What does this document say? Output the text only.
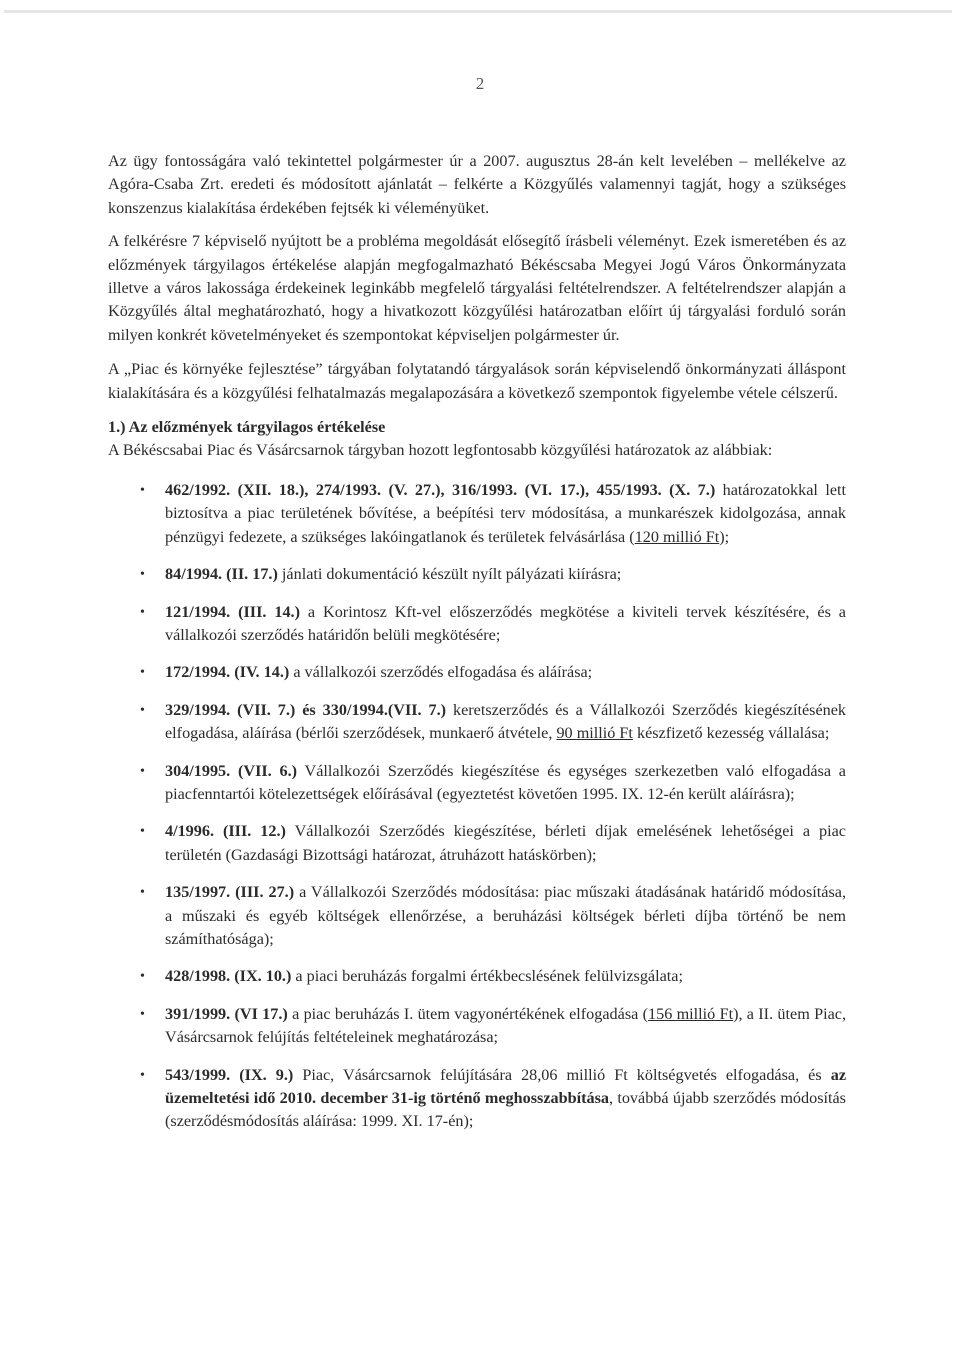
2

Az ügy fontosságára való tekintettel polgármester úr a 2007. augusztus 28-án kelt levelében – mellékelve az Agóra-Csaba Zrt. eredeti és módosított ajánlatát – felkérte a Közgyűlés valamennyi tagját, hogy a szükséges konszenzus kialakítása érdekében fejtsék ki véleményüket.

A felkérésre 7 képviselő nyújtott be a probléma megoldását elősegítő írásbeli véleményt. Ezek ismeretében és az előzmények tárgyilagos értékelése alapján megfogalmazható Békéscsaba Megyei Jogú Város Önkormányzata illetve a város lakossága érdekeinek leginkább megfelelő tárgyalási feltételrendszer. A feltételrendszer alapján a Közgyűlés által meghatározható, hogy a hivatkozott közgyűlési határozatban előírt új tárgyalási forduló során milyen konkrét követelményeket és szempontokat képviseljen polgármester úr.

A „Piac és környéke fejlesztése” tárgyában folytatandó tárgyalások során képviselendő önkormányzati álláspont kialakítására és a közgyűlési felhatalmazás megalapozására a következő szempontok figyelembe vétele célszerű.

1.) Az előzmények tárgyilagos értékelése

A Békéscsabai Piac és Vásárcsarnok tárgyban hozott legfontosabb közgyűlési határozatok az alábbiak:

• 462/1992. (XII. 18.), 274/1993. (V. 27.), 316/1993. (VI. 17.), 455/1993. (X. 7.) határozatokkal lett biztosítva a piac területének bővítése, a beépítési terv módosítása, a munkarészek kidolgozása, annak pénzügyi fedezete, a szükséges lakóingatlanok és területek felvásárlása (120 millió Ft);
• 84/1994. (II. 17.) jánlati dokumentáció készült nyílt pályázati kiírásra;
• 121/1994. (III. 14.) a Korintosz Kft-vel előszerződés megkötése a kiviteli tervek készítésére, és a vállalkozói szerződés határidőn belüli megkötésére;
• 172/1994. (IV. 14.) a vállalkozói szerződés elfogadása és aláírása;
• 329/1994. (VII. 7.) és 330/1994.(VII. 7.) keretszerződés és a Vállalkozói Szerződés kiegészítésének elfogadása, aláírása (bérlői szerződések, munkaerő átvétele, 90 millió Ft készfizető kezesség vállalása;
• 304/1995. (VII. 6.) Vállalkozói Szerződés kiegészítése és egységes szerkezetben való elfogadása a piacfenntartói kötelezettségek előírásával (egyeztetést követően 1995. IX. 12-én került aláírásra);
• 4/1996. (III. 12.) Vállalkozói Szerződés kiegészítése, bérleti díjak emelésének lehetőségei a piac területén (Gazdasági Bizottsági határozat, átruházott hatáskörben);
• 135/1997. (III. 27.) a Vállalkozói Szerződés módosítása: piac műszaki átadásának határidő módosítása, a műszaki és egyéb költségek ellenőrzése, a beruházási költségek bérleti díjba történő be nem számíthatósága);
• 428/1998. (IX. 10.) a piaci beruházás forgalmi értékbecslésének felülvizsgálata;
• 391/1999. (VI 17.) a piac beruházás I. ütem vagyonértékének elfogadása (156 millió Ft), a II. ütem Piac, Vásárcsarnok felújítás feltételeinek meghatározása;
• 543/1999. (IX. 9.) Piac, Vásárcsarnok felújítására 28,06 millió Ft költségvetés elfogadása, és az üzemeltetési idő 2010. december 31-ig történő meghosszabbítása, továbbá újabb szerződés módosítás (szerződésmódosítás aláírása: 1999. XI. 17-én);
